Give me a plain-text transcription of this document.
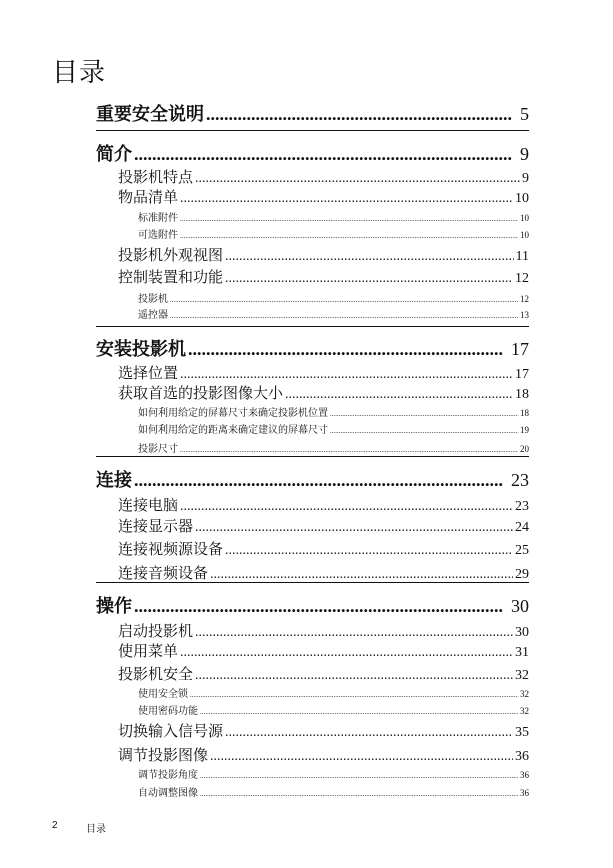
目录
重要安全说明 .....	5
简介 .....	9
投影机特点 .....	9
物品清单 .....	10
标准附件 .....	10
可选附件 .....	10
投影机外观视图 .....	11
控制装置和功能 .....	12
投影机 .....	12
遥控器 .....	13
安装投影机 .....	17
选择位置 .....	17
获取首选的投影图像大小 .....	18
如何利用给定的屏幕尺寸来确定投影机位置 .....	18
如何利用给定的距离来确定建议的屏幕尺寸 .....	19
投影尺寸 .....	20
连接 .....	23
连接电脑 .....	23
连接显示器 .....	24
连接视频源设备 .....	25
连接音频设备 .....	29
操作 .....	30
启动投影机 .....	30
使用菜单 .....	31
投影机安全 .....	32
使用安全锁 .....	32
使用密码功能 .....	32
切换输入信号源 .....	35
调节投影图像 .....	36
调节投影角度 .....	36
自动调整图像 .....	36
2	目录
